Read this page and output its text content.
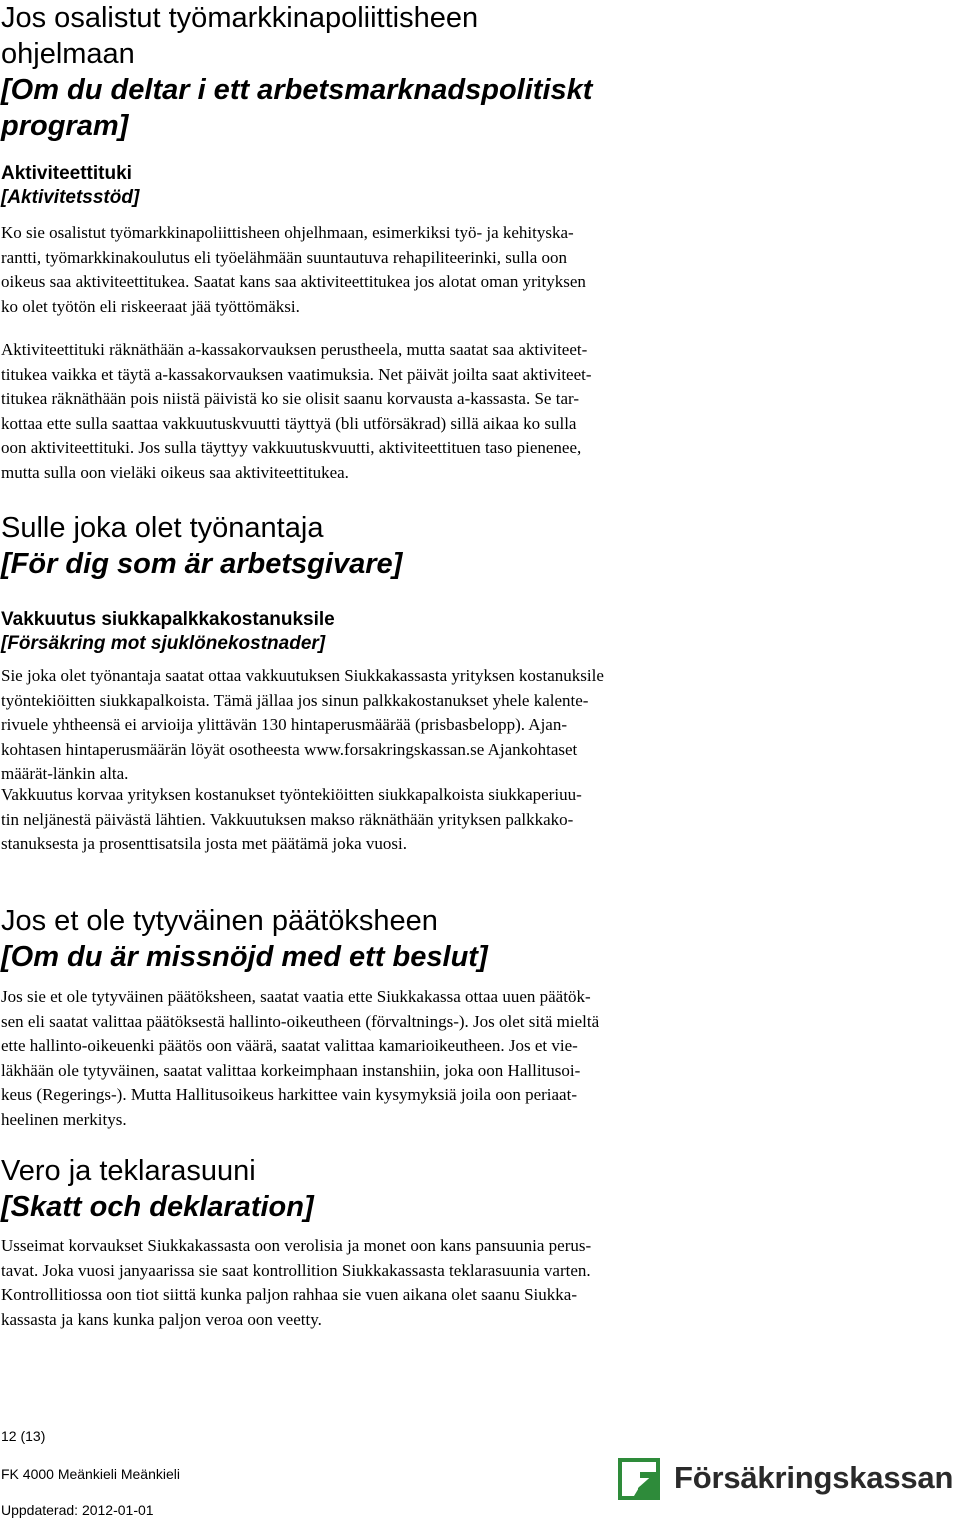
Jos osalistut työmarkkinapoliittisheen
ohjelmaan
[Om du deltar i ett arbetsmarknadspolitiskt
program]
Aktiviteettituki
[Aktivitetsstöd]

Ko sie osalistut työmarkkinapoliittisheen ohjelhmaan, esimerkiksi työ- ja kehityska-
rantti, työmarkkinakoulutus eli työelähmään suuntautuva rehapiliteerinki, sulla oon
oikeus saa aktiviteettitukea. Saatat kans saa aktiviteettitukea jos alotat oman yrityksen
ko olet työtön eli riskeeraat jää työttömäksi.

Aktiviteettituki räknäthään a-kassakorvauksen perustheela, mutta saatat saa aktiviteet-
titukea vaikka et täytä a-kassakorvauksen vaatimuksia. Net päivät joilta saat aktiviteet-
titukea räknäthään pois niistä päivistä ko sie olisit saanu korvausta a-kassasta. Se tar-
kottaa ette sulla saattaa vakkuutuskvuutti täyttyä (bli utförsäkrad) sillä aikaa ko sulla
oon aktiviteettituki. Jos sulla täyttyy vakkuutuskvuutti, aktiviteettituen taso pienenee,
mutta sulla oon vieläki oikeus saa aktiviteettitukea.

Sulle joka olet työnantaja
[För dig som är arbetsgivare]
Vakkuutus siukkapalkkakostanuksile
[Försäkring mot sjuklönekostnader]

Sie joka olet työnantaja saatat ottaa vakkuutuksen Siukkakassasta yrityksen kostanuksile
työntekiöitten siukkapalkoista. Tämä jällaa jos sinun palkkakostanukset yhele kalente-
rivuele yhtheensä ei arvioija ylittävän 130 hintaperusmäärää (prisbasbelopp). Ajan-
kohtasen hintaperusmäärän löyät osotheesta www.forsakringskassan.se Ajankohtaset
määrät-länkin alta.

Vakkuutus korvaa yrityksen kostanukset työntekiöitten siukkapalkoista siukkaperiuu-
tin neljänestä päivästä lähtien. Vakkuutuksen makso räknäthään yrityksen palkkako-
stanuksesta ja prosenttisatsila josta met päätämä joka vuosi.

Jos et ole tytyväinen päätöksheen
[Om du är missnöjd med ett beslut]

Jos sie et ole tytyväinen päätöksheen, saatat vaatia ette Siukkakassa ottaa uuen päätök-
sen eli saatat valittaa päätöksestä hallinto-oikeutheen (förvaltnings-). Jos olet sitä mieltä
ette hallinto-oikeuenki päätös oon väärä, saatat valittaa kamarioikeutheen. Jos et vie-
läkhään ole tytyväinen, saatat valittaa korkeimphaan instanshiin, joka oon Hallitusoi-
keus (Regerings-). Mutta Hallitusoikeus harkittee vain kysymyksiä joila oon periaat-
heelinen merkitys.

Vero ja teklarasuuni
[Skatt och deklaration]

Usseimat korvaukset Siukkakassasta oon verolisia ja monet oon kans pansuunia perus-
tavat. Joka vuosi janyaarissa sie saat kontrollition Siukkakassasta teklarasuunia varten.
Kontrollitiossa oon tiot siittä kunka paljon rahhaa sie vuen aikana olet saanu Siukka-
kassasta ja kans kunka paljon veroa oon veetty.

12 (13)
FK 4000 Meänkieli Meänkieli
Uppdaterad: 2012-01-01
Försäkringskassan
